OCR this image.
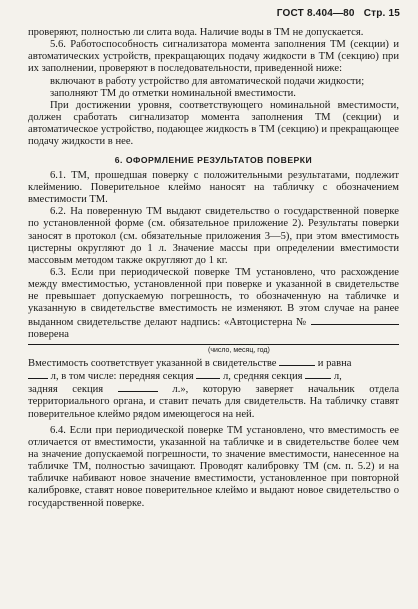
ГОСТ 8.404—80 Стр. 15

проверяют, полностью ли слита вода. Наличие воды в ТМ не допускается.

5.6. Работоспособность сигнализатора момента заполнения ТМ (секции) и автоматических устройств, прекращающих подачу жидкости в ТМ (секцию) при их заполнении, проверяют в последовательности, приведенной ниже:

включают в работу устройство для автоматической подачи жидкости;

заполняют ТМ до отметки номинальной вместимости.

При достижении уровня, соответствующего номинальной вместимости, должен сработать сигнализатор момента заполнения ТМ (секции) и автоматическое устройство, подающее жидкость в ТМ (секцию) и прекращающее подачу жидкости в нее.

6. ОФОРМЛЕНИЕ РЕЗУЛЬТАТОВ ПОВЕРКИ

6.1. ТМ, прошедшая поверку с положительными результатами, подлежит клеймению. Поверительное клеймо наносят на табличку с обозначением вместимости ТМ.

6.2. На поверенную ТМ выдают свидетельство о государственной поверке по установленной форме (см. обязательное приложение 2). Результаты поверки заносят в протокол (см. обязательные приложения 3—5), при этом вместимость цистерны округляют до 1 л. Значение массы при определении вместимости массовым методом также округляют до 1 кг.

6.3. Если при периодической поверке ТМ установлено, что расхождение между вместимостью, установленной при поверке и указанной в свидетельстве не превышает допускаемую погрешность, то обозначенную на табличке и указанную в свидетельстве вместимость не изменяют. В этом случае на ранее выданном свидетельстве делают надпись: «Автоцистерна №  поверена

(число, месяц, год)

Вместимость соответствует указанной в свидетельстве	и равна

л, в том числе: передняя секция	л, средняя секция	л,

задняя секция	л.», которую заверяет начальник отдела территориального органа, и ставит печать для свидетельств. На табличку ставят поверительное клеймо рядом имеющегося на ней.

6.4. Если при периодической поверке ТМ установлено, что вместимость ее отличается от вместимости, указанной на табличке и в свидетельстве более чем на значение допускаемой погрешности, то значение вместимости, нанесенное на табличке ТМ, полностью зачищают. Проводят калибровку ТМ (см. п. 5.2) и на табличке набивают новое значение вместимости, установленное при повторной калибровке, ставят новое поверительное клеймо и выдают новое свидетельство о государственной поверке.
